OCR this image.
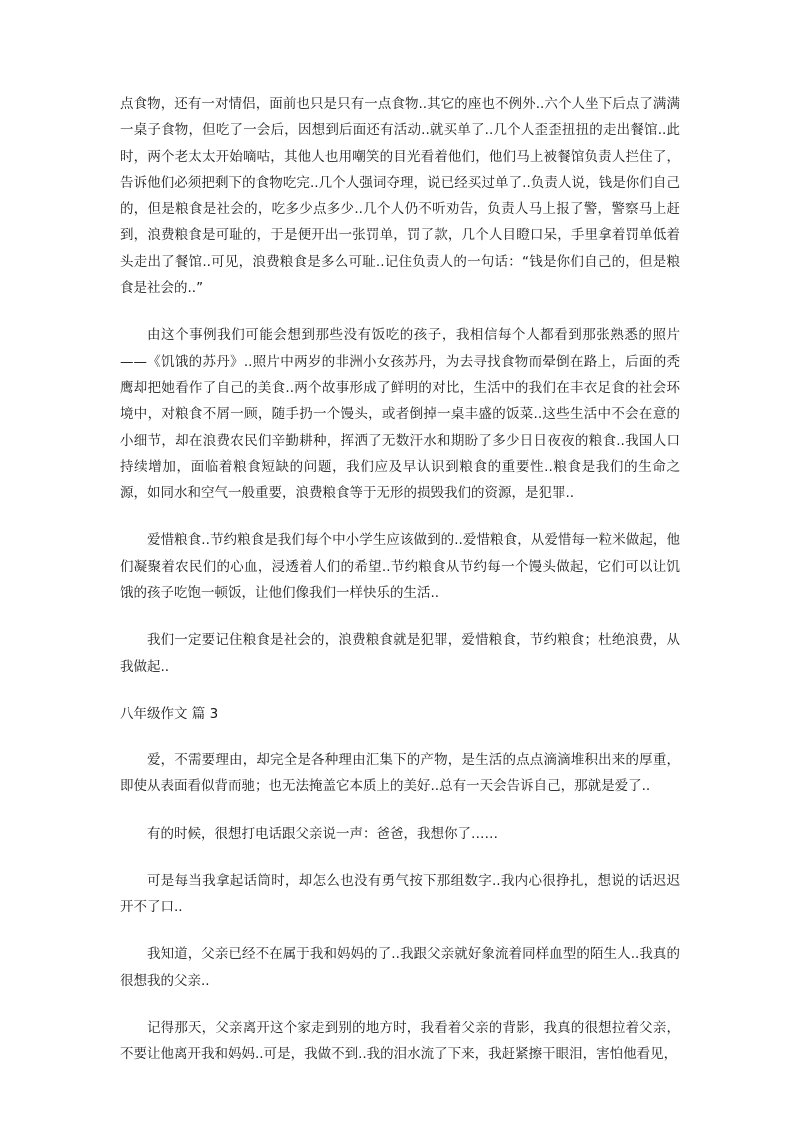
点食物，还有一对情侣，面前也只是只有一点食物..其它的座也不例外..六个人坐下后点了满满一桌子食物，但吃了一会后，因想到后面还有活动..就买单了..几个人歪歪扭扭的走出餐馆..此时，两个老太太开始嘀咕，其他人也用嘲笑的目光看着他们，他们马上被餐馆负责人拦住了，告诉他们必须把剩下的食物吃完..几个人强词夺理，说已经买过单了..负责人说，钱是你们自己的，但是粮食是社会的，吃多少点多少..几个人仍不听劝告，负责人马上报了警，警察马上赶到，浪费粮食是可耻的，于是便开出一张罚单，罚了款，几个人目瞪口呆，手里拿着罚单低着头走出了餐馆..可见，浪费粮食是多么可耻..记住负责人的一句话：“钱是你们自己的，但是粮食是社会的..”

由这个事例我们可能会想到那些没有饭吃的孩子，我相信每个人都看到那张熟悉的照片——《饥饿的苏丹》..照片中两岁的非洲小女孩苏丹，为去寻找食物而晕倒在路上，后面的秃鹰却把她看作了自己的美食..两个故事形成了鲜明的对比，生活中的我们在丰衣足食的社会环境中，对粮食不屑一顾，随手扔一个馒头，或者倒掉一桌丰盛的饭菜..这些生活中不会在意的小细节，却在浪费农民们辛勤耕种，挥洒了无数汗水和期盼了多少日日夜夜的粮食..我国人口持续增加，面临着粮食短缺的问题，我们应及早认识到粮食的重要性..粮食是我们的生命之源，如同水和空气一般重要，浪费粮食等于无形的损毁我们的资源，是犯罪..

爱惜粮食..节约粮食是我们每个中小学生应该做到的..爱惜粮食，从爱惜每一粒米做起，他们凝聚着农民们的心血，浸透着人们的希望..节约粮食从节约每一个馒头做起，它们可以让饥饿的孩子吃饱一顿饭，让他们像我们一样快乐的生活..

我们一定要记住粮食是社会的，浪费粮食就是犯罪，爱惜粮食，节约粮食；杜绝浪费，从我做起..

八年级作文 篇 3

爱，不需要理由，却完全是各种理由汇集下的产物，是生活的点点滴滴堆积出来的厚重，即使从表面看似背而驰；也无法掩盖它本质上的美好..总有一天会告诉自己，那就是爱了..

有的时候，很想打电话跟父亲说一声：爸爸，我想你了……

可是每当我拿起话筒时，却怎么也没有勇气按下那组数字..我内心很挣扎，想说的话迟迟开不了口..

我知道，父亲已经不在属于我和妈妈的了..我跟父亲就好象流着同样血型的陌生人..我真的很想我的父亲..

记得那天，父亲离开这个家走到别的地方时，我看着父亲的背影，我真的很想拉着父亲，不要让他离开我和妈妈..可是，我做不到..我的泪水流了下来，我赶紧擦干眼泪，害怕他看见，
